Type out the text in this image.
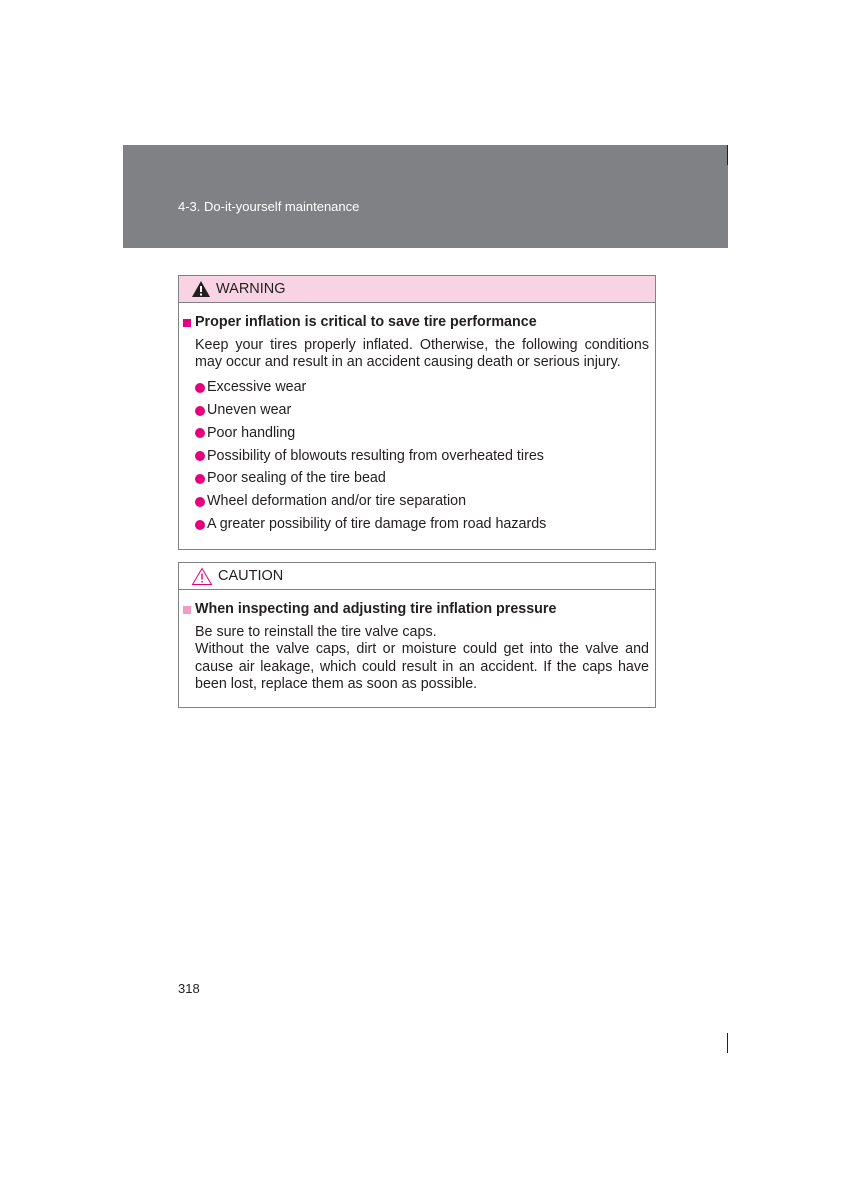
4-3. Do-it-yourself maintenance
WARNING
Proper inflation is critical to save tire performance
Keep your tires properly inflated. Otherwise, the following conditions may occur and result in an accident causing death or serious injury.
Excessive wear
Uneven wear
Poor handling
Possibility of blowouts resulting from overheated tires
Poor sealing of the tire bead
Wheel deformation and/or tire separation
A greater possibility of tire damage from road hazards
CAUTION
When inspecting and adjusting tire inflation pressure
Be sure to reinstall the tire valve caps.
Without the valve caps, dirt or moisture could get into the valve and cause air leakage, which could result in an accident. If the caps have been lost, replace them as soon as possible.
318
